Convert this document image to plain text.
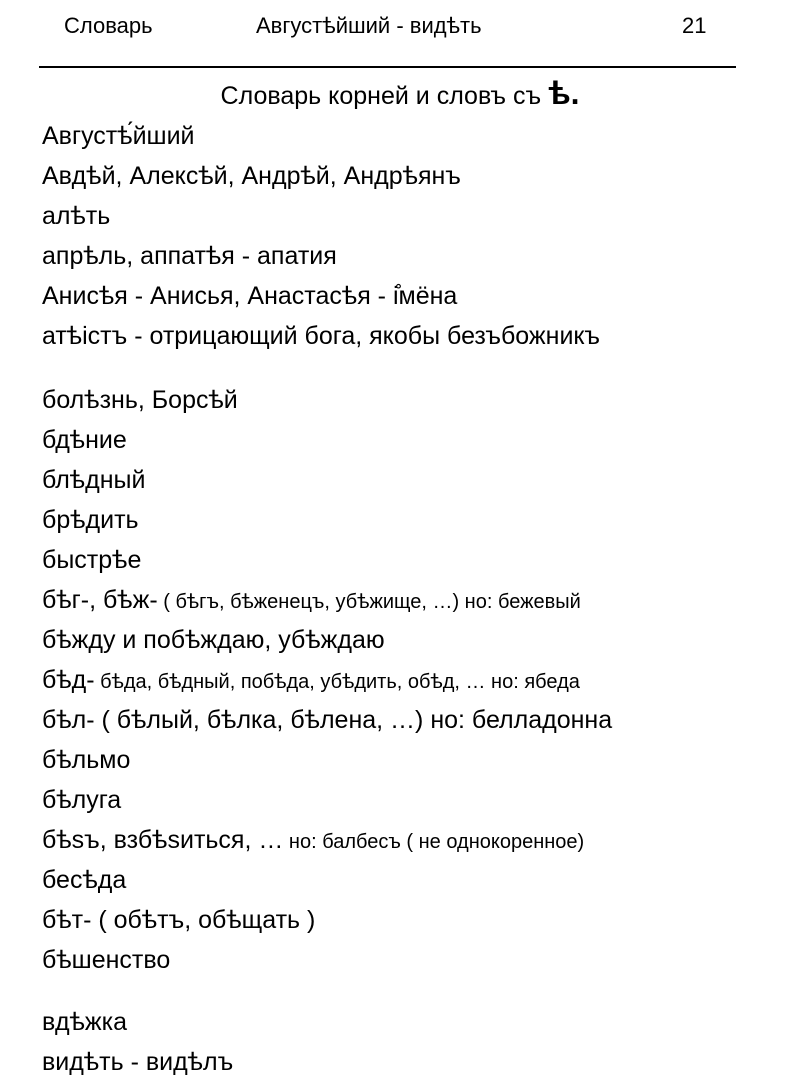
Словарь	Августѣйший - видѣть	21
Словарь корней и словъ съ ѣ.
Августѣ́йший
Авдѣй, Алексѣй, Андрѣй, Андрѣянъ
алѣть
апрѣль, аппатѣя - апатия
Анисѣя - Анисья, Анастасѣя - і̊мёна
атѣістъ - отрицающий бога, якобы безъбожникъ
болѣзнь, Борсѣй
бдѣние
блѣдный
брѣдить
быстрѣе
бѣг-, бѣж- ( бѣгъ, бѣженецъ, убѣжище, …) но: бежевый
бѣжду и побѣждаю, убѣждаю
бѣд- бѣда, бѣдный, побѣда, убѣдить, обѣд, … но: ябеда
бѣл- ( бѣлый, бѣлка, бѣлена, …) но: белладонна
бѣльмо
бѣлуга
бѣѕъ, взбѣѕиться, … но: балбесъ ( не однокоренное)
бесѣда
бѣт- ( обѣтъ, обѣщать )
бѣшенство
вдѣжка
видѣть - видѣлъ
